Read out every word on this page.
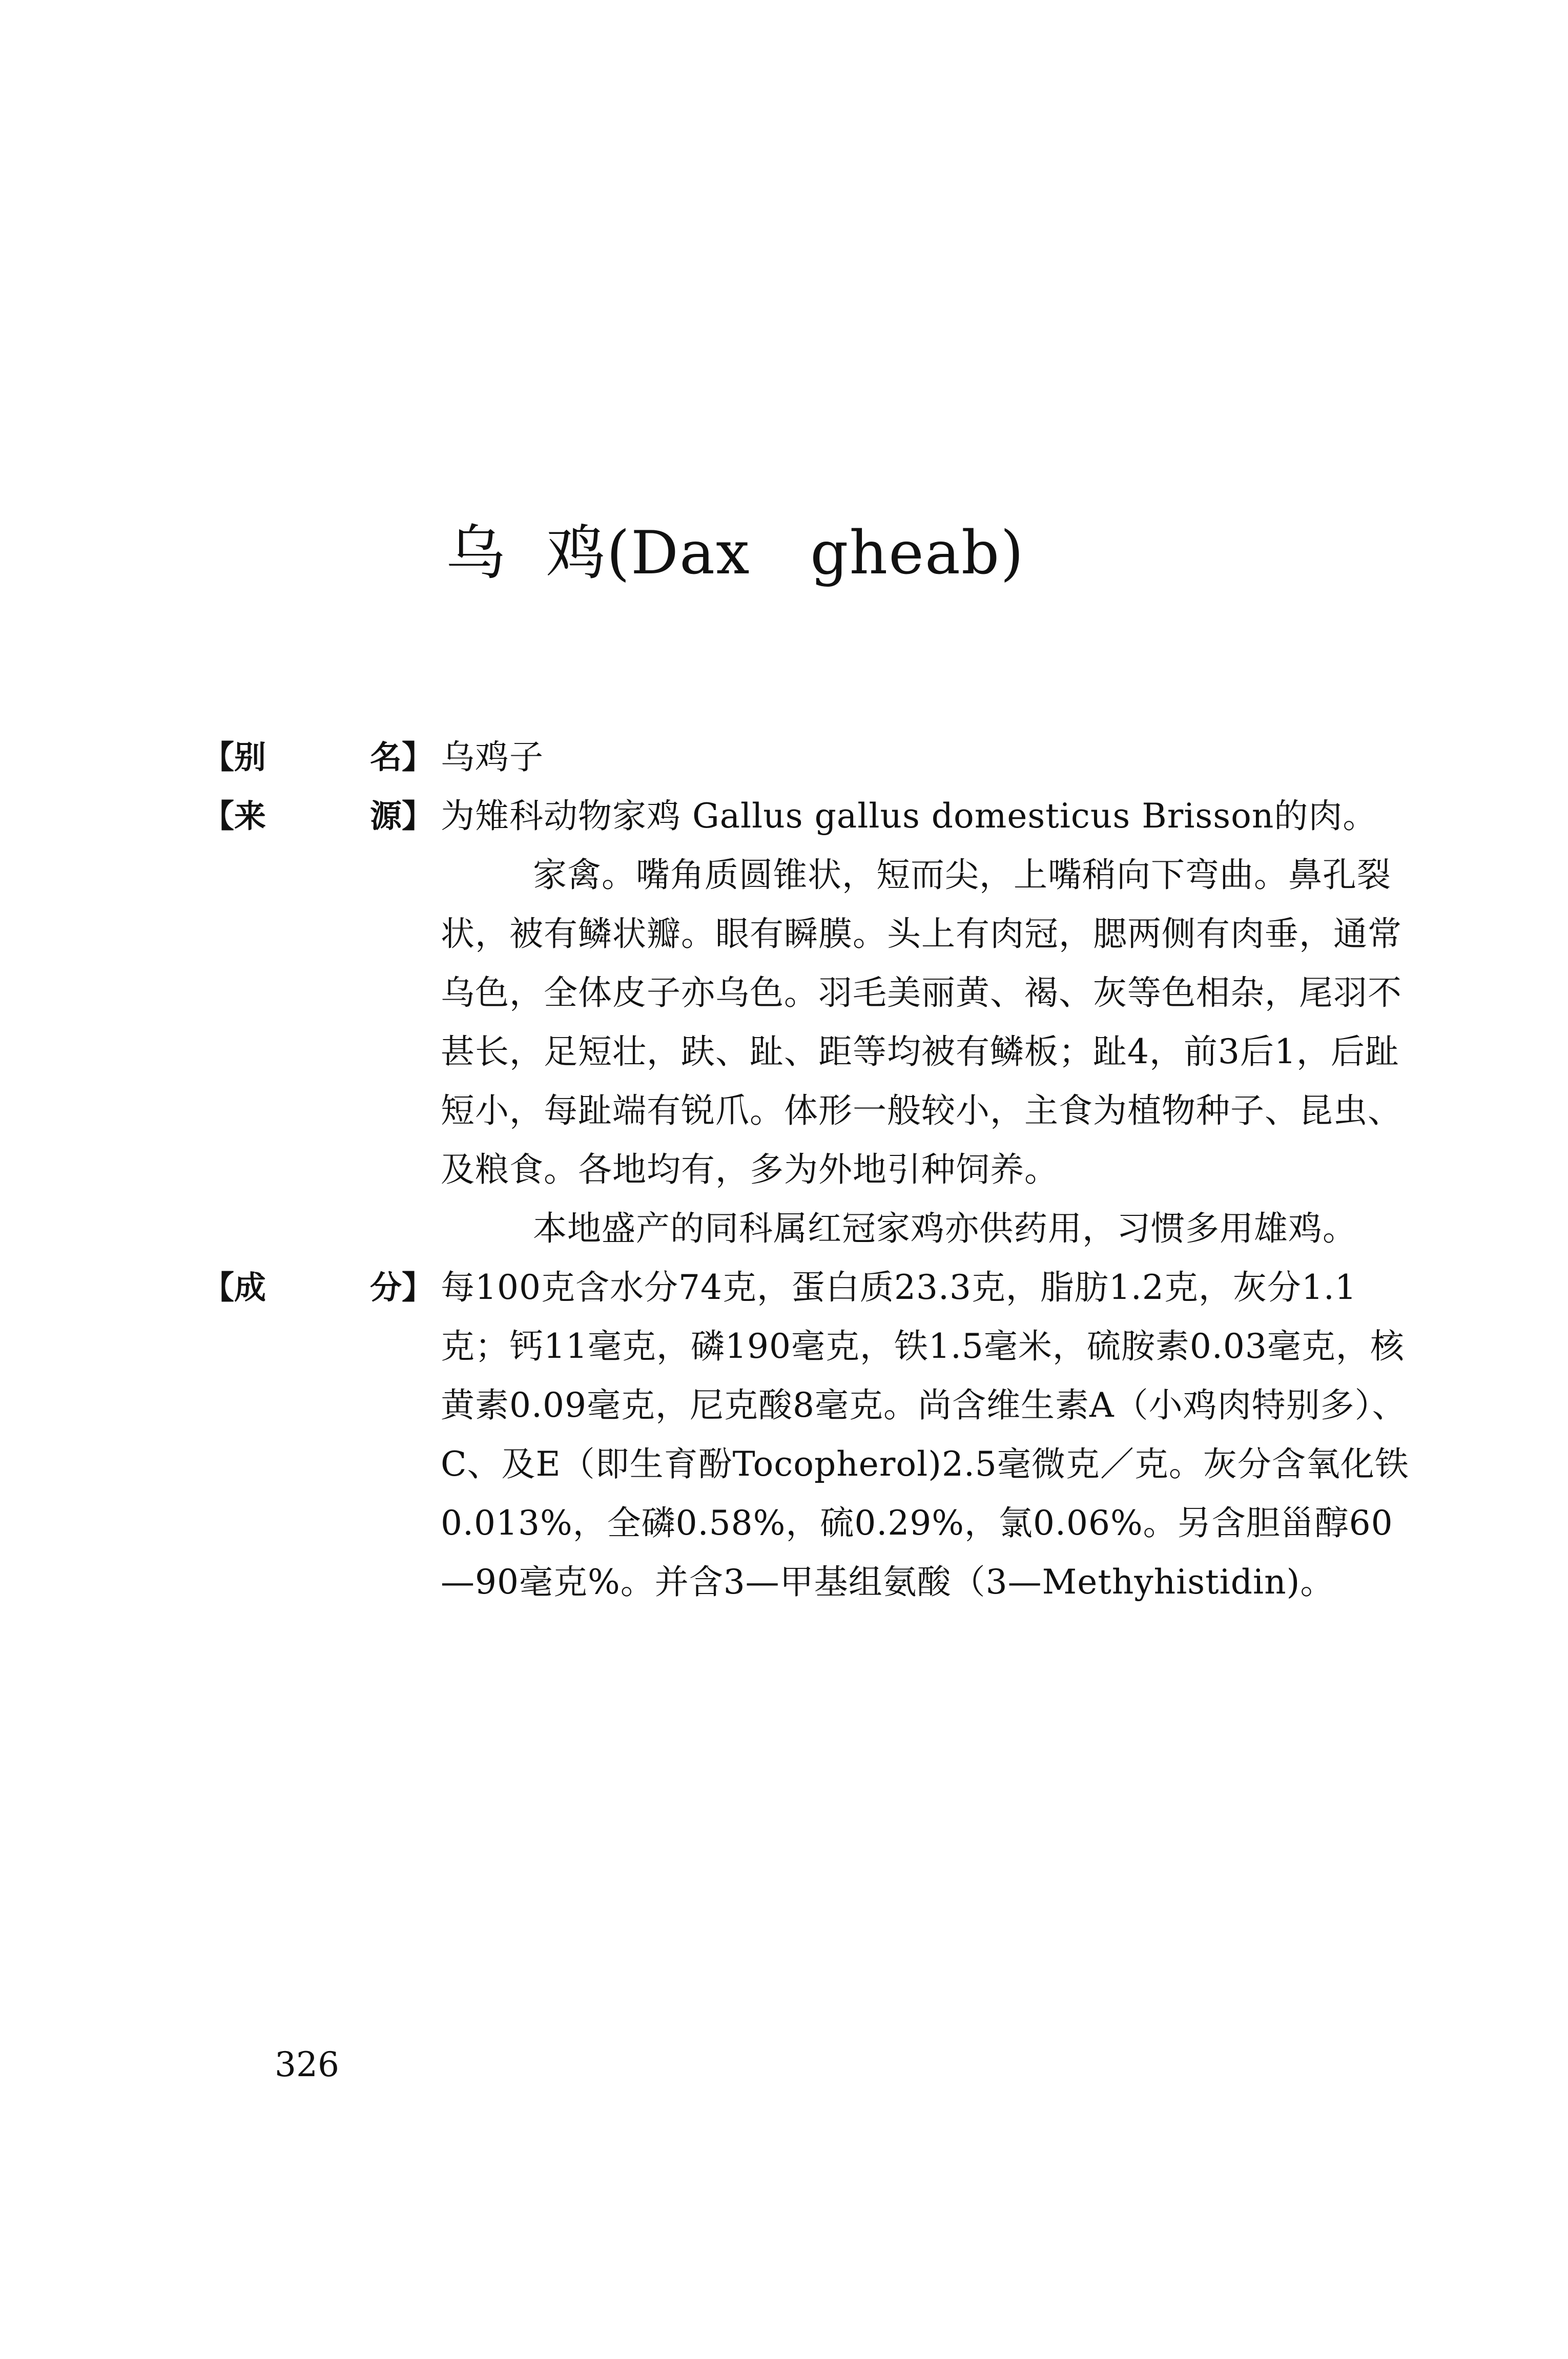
乌  鸡(Dax   gheab)
【别	名】 乌鸡子

【来	源】 为雉科动物家鸡 Gallus gallus domesticus Brisson的肉。

家禽。嘴角质圆锥状，短而尖，上嘴稍向下弯曲。鼻孔裂状，被有鳞状瓣。眼有瞬膜。头上有肉冠，腮两侧有肉垂，通常乌色，全体皮子亦乌色。羽毛美丽黄、褐、灰等色相杂，尾羽不甚长，足短壮，趺、趾、距等均被有鳞板；趾4，前3后1，后趾短小，每趾端有锐爪。体形一般较小，主食为植物种子、昆虫、及粮食。各地均有，多为外地引种饲养。

本地盛产的同科属红冠家鸡亦供药用，习惯多用雄鸡。

【成	分】 每100克含水分74克，蛋白质23.3克，脂肪1.2克，灰分1.1克；钙11毫克，磷190毫克，铁1.5毫米，硫胺素0.03毫克，核黄素0.09毫克，尼克酸8毫克。尚含维生素A（小鸡肉特别多）、C、及E（即生育酚Tocopherol)2.5毫微克／克。灰分含氧化铁0.013%，全磷0.58%，硫0.29%，氯0.06%。另含胆甾醇60—90毫克%。并含3—甲基组氨酸（3—Methyhistidin)。

326
